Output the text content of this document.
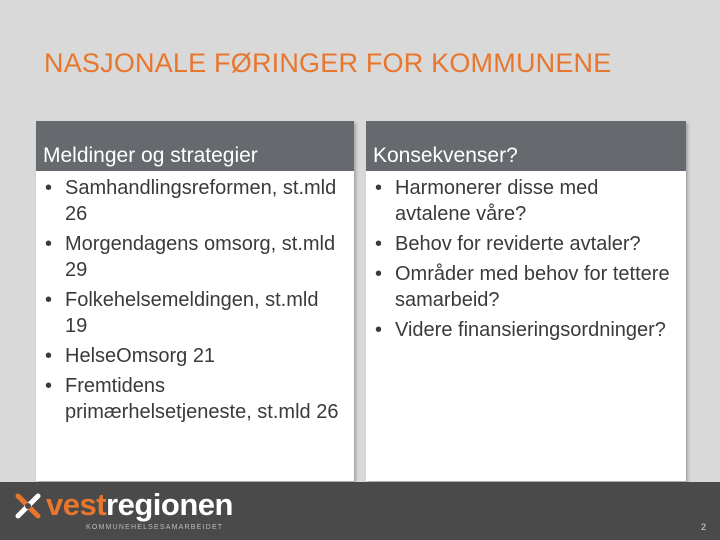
NASJONALE FØRINGER FOR KOMMUNENE
Meldinger og strategier
• Samhandlingsreformen, st.mld 26
• Morgendagens omsorg, st.mld 29
• Folkehelsemeldingen, st.mld 19
• HelseOmsorg 21
• Fremtidens primærhelsetjeneste, st.mld 26
Konsekvenser?
• Harmonerer disse med avtalene våre?
• Behov for reviderte avtaler?
• Områder med behov for tettere samarbeid?
• Videre finansieringsordninger?
vestregionen
KOMMUNEHELSESAMARBEIDET	2
